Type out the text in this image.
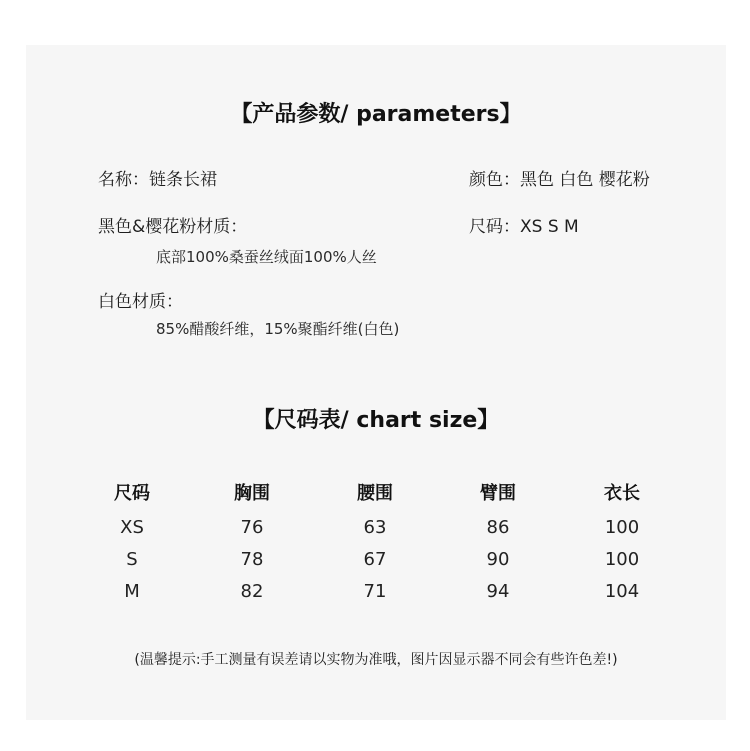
【产品参数/ parameters】
名称：链条长裙	颜色：黑色 白色 樱花粉
黑色&樱花粉材质：	尺码：XS S M
底部100%桑蚕丝绒面100%人丝
白色材质：
85%醋酸纤维，15%聚酯纤维(白色)
【尺码表/ chart size】
尺码	胸围	腰围	臂围	衣长
XS	76	63	86	100
S	78	67	90	100
M	82	71	94	104
(温馨提示:手工测量有误差请以实物为准哦，图片因显示器不同会有些许色差!)
